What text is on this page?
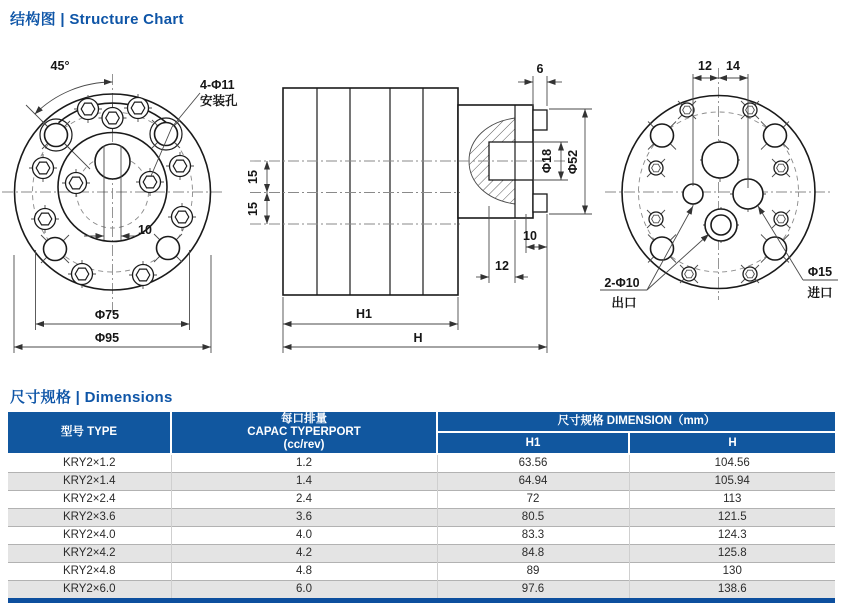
结构图 | Structure Chart
45°
4-Φ11
安装孔
10
Φ75
Φ95
15
15
6
Φ18 Φ52
10
12
H1
H
12 14
2-Φ10
出口
Φ15
进口
尺寸规格 | Dimensions
型号 TYPE	每口排量
CAPAC TYPERPORT
(cc/rev)	尺寸规格 DIMENSION（mm）	
		H1	H
KRY2×1.2	1.2	63.56	104.56
KRY2×1.4	1.4	64.94	105.94
KRY2×2.4	2.4	72	113
KRY2×3.6	3.6	80.5	121.5
KRY2×4.0	4.0	83.3	124.3
KRY2×4.2	4.2	84.8	125.8
KRY2×4.8	4.8	89	130
KRY2×6.0	6.0	97.6	138.6
